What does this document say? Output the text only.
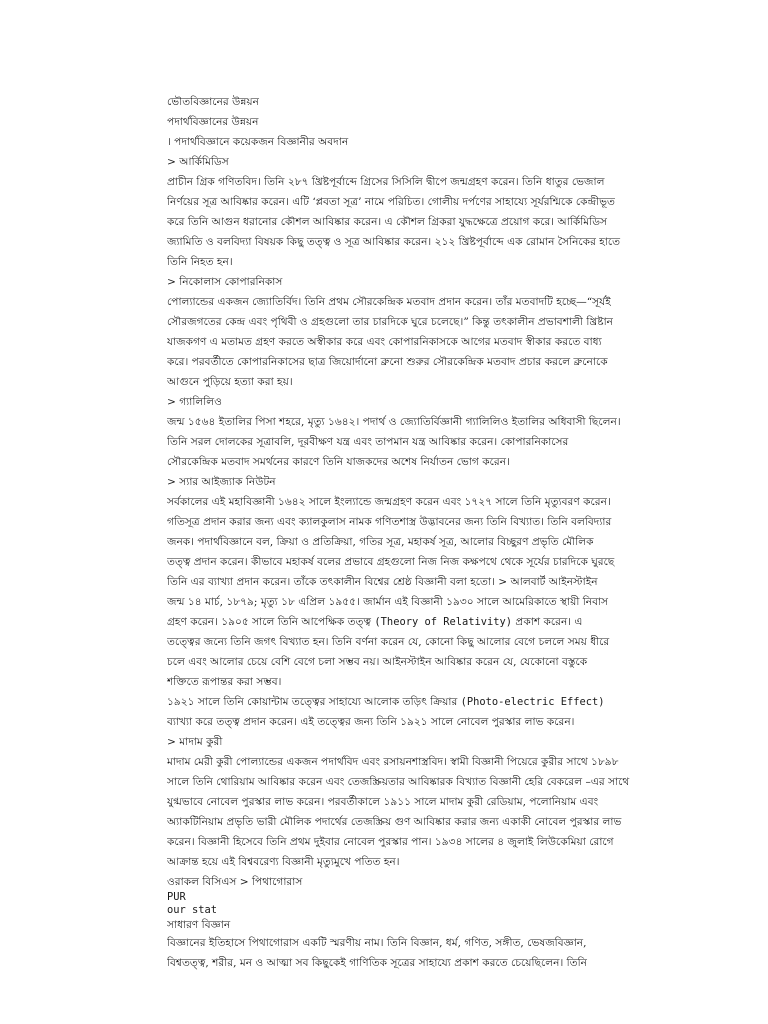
ভৌতবিজ্ঞানের উন্নয়ন
পদার্থবিজ্ঞানের উন্নয়ন
। পদার্থবিজ্ঞানে কয়েকজন বিজ্ঞানীর অবদান
> আর্কিমিডিস
প্রাচীন গ্রিক গণিতবিদ। তিনি ২৮৭ খ্রিষ্টপূর্বাব্দে গ্রিসের সিসিলি দ্বীপে জন্মগ্রহণ করেন। তিনি ধাতুর ভেজাল
নির্ণয়ের সূত্র আবিষ্কার করেন। এটি ‘প্লবতা সূত্র’ নামে পরিচিত। গোলীয় দর্পণের সাহায্যে সূর্যরশ্মিকে কেন্দ্রীভূত
করে তিনি আগুন ধরানোর কৌশল আবিষ্কার করেন। এ কৌশল গ্রিকরা যুদ্ধক্ষেত্রে প্রয়োগ করে। আর্কিমিডিস
জ্যামিতি ও বলবিদ্যা বিষয়ক কিছু তত্ত্ব ও সূত্র আবিষ্কার করেন। ২১২ খ্রিষ্টপূর্বাব্দে এক রোমান সৈনিকের হাতে
তিনি নিহত হন।
> নিকোলাস কোপারনিকাস
পোল্যান্ডের একজন জ্যোতির্বিদ। তিনি প্রথম সৌরকেন্দ্রিক মতবাদ প্রদান করেন। তাঁর মতবাদটি হচ্ছে—“সূর্যই
সৌরজগতের কেন্দ্র এবং পৃথিবী ও গ্রহগুলো তার চারদিকে ঘুরে চলেছে।” কিন্তু তৎকালীন প্রভাবশালী খ্রিষ্টান
যাজকগণ এ মতামত গ্রহণ করতে অস্বীকার করে এবং কোপারনিকাসকে আগের মতবাদ স্বীকার করতে বাধ্য
করে। পরবর্তীতে কোপারনিকাসের ছাত্র জিয়োর্দানো ব্রুনো শুরুর সৌরকেন্দ্রিক মতবাদ প্রচার করলে ব্রুনোকে
আগুনে পুড়িয়ে হত্যা করা হয়।
> গ্যালিলিও
জন্ম ১৫৬৪ ইতালির পিসা শহরে, মৃত্যু ১৬৪২। পদার্থ ও জ্যোতির্বিজ্ঞানী গ্যালিলিও ইতালির অধিবাসী ছিলেন।
তিনি সরল দোলকের সূত্রাবলি, দূরবীক্ষণ যন্ত্র এবং তাপমান যন্ত্র আবিষ্কার করেন। কোপারনিকাসের
সৌরকেন্দ্রিক মতবাদ সমর্থনের কারণে তিনি যাজকদের অশেষ নির্যাতন ভোগ করেন।
> স্যার আইজ্যাক নিউটন
সর্বকালের এই মহাবিজ্ঞানী ১৬৪২ সালে ইংল্যান্ডে জন্মগ্রহণ করেন এবং ১৭২৭ সালে তিনি মৃত্যুবরণ করেন।
গতিসূত্র প্রদান করার জন্য এবং ক্যালকুলাস নামক গণিতশাস্ত্র উদ্ভাবনের জন্য তিনি বিখ্যাত। তিনি বলবিদ্যার
জনক। পদার্থবিজ্ঞানে বল, ক্রিয়া ও প্রতিক্রিয়া, গতির সূত্র, মহাকর্ষ সূত্র, আলোর বিচ্ছুরণ প্রভৃতি মৌলিক
তত্ত্ব প্রদান করেন। কীভাবে মহাকর্ষ বলের প্রভাবে গ্রহগুলো নিজ নিজ কক্ষপথে থেকে সূর্যের চারদিকে ঘুরছে
তিনি এর ব্যাখ্যা প্রদান করেন। তাঁকে তৎকালীন বিশ্বের শ্রেষ্ঠ বিজ্ঞানী বলা হতো। > আলবার্ট আইনস্টাইন
জন্ম ১৪ মার্চ, ১৮৭৯; মৃত্যু ১৮ এপ্রিল ১৯৫৫। জার্মান এই বিজ্ঞানী ১৯৩০ সালে আমেরিকাতে স্থায়ী নিবাস
গ্রহণ করেন। ১৯০৫ সালে তিনি আপেক্ষিক তত্ত্ব (Theory of Relativity) প্রকাশ করেন। এ
তত্ত্বের জন্যে তিনি জগৎ বিখ্যাত হন। তিনি বর্ণনা করেন যে, কোনো কিছু আলোর বেগে চললে সময় ধীরে
চলে এবং আলোর চেয়ে বেশি বেগে চলা সম্ভব নয়। আইনস্টাইন আবিষ্কার করেন যে, যেকোনো বস্তুকে
শক্তিতে রূপান্তর করা সম্ভব।
১৯২১ সালে তিনি কোয়ান্টাম তত্ত্বের সাহায্যে আলোক তড়িৎ ক্রিয়ার (Photo-electric Effect)
ব্যাখ্যা করে তত্ত্ব প্রদান করেন। এই তত্ত্বের জন্য তিনি ১৯২১ সালে নোবেল পুরস্কার লাভ করেন।
> মাদাম কুরী
মাদাম মেরী কুরী পোল্যান্ডের একজন পদার্থবিদ এবং রসায়নশাস্ত্রবিদ। স্বামী বিজ্ঞানী পিয়েরে কুরীর সাথে ১৮৯৮
সালে তিনি থোরিয়াম আবিষ্কার করেন এবং তেজস্ক্রিয়তার আবিষ্কারক বিখ্যাত বিজ্ঞানী হেরি বেকরেল –এর সাথে
যুগ্মভাবে নোবেল পুরস্কার লাভ করেন। পরবর্তীকালে ১৯১১ সালে মাদাম কুরী রেডিয়াম, পলোনিয়াম এবং
অ্যাকটিনিয়াম প্রভৃতি ভারী মৌলিক পদার্থের তেজস্ক্রিয় গুণ আবিষ্কার করার জন্য একাকী নোবেল পুরস্কার লাভ
করেন। বিজ্ঞানী হিসেবে তিনি প্রথম দুইবার নোবেল পুরস্কার পান। ১৯৩৪ সালের ৪ জুলাই লিউকেমিয়া রোগে
আক্রান্ত হয়ে এই বিশ্ববরেণ্য বিজ্ঞানী মৃত্যুমুখে পতিত হন।
ওরাকল বিসিএস > পিথাগোরাস
PUR
our stat
সাধারণ বিজ্ঞান
বিজ্ঞানের ইতিহাসে পিথাগোরাস একটি স্মরণীয় নাম। তিনি বিজ্ঞান, ধর্ম, গণিত, সঙ্গীত, ভেষজবিজ্ঞান,
বিশ্বতত্ত্ব, শরীর, মন ও আত্মা সব কিছুকেই গাণিতিক সূত্রের সাহায্যে প্রকাশ করতে চেয়েছিলেন। তিনি
